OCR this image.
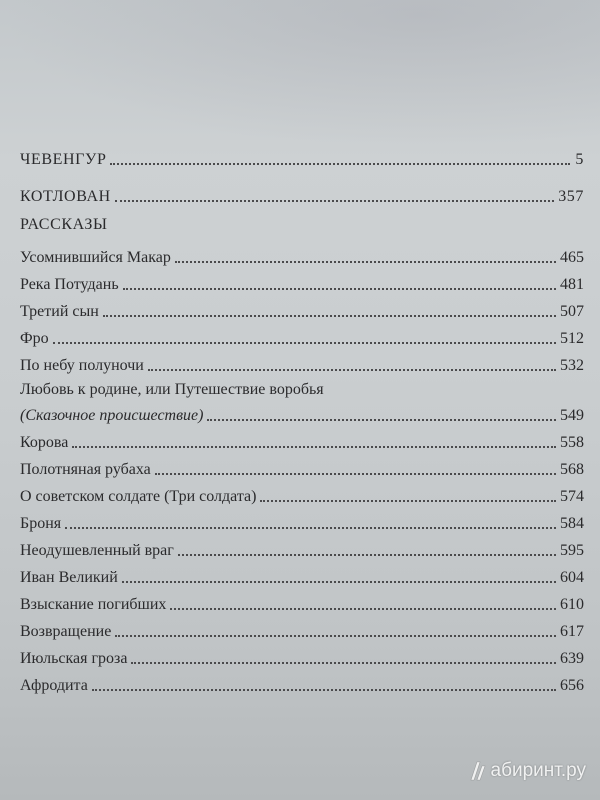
ЧЕВЕНГУР	5
КОТЛОВАН	357
РАССКАЗЫ
Усомнившийся Макар	465
Река Потудань	481
Третий сын	507
Фро	512
По небу полуночи	532
Любовь к родине, или Путешествие воробья
(Сказочное происшествие)	549
Корова	558
Полотняная рубаха	568
О советском солдате (Три солдата)	574
Броня	584
Неодушевленный враг	595
Иван Великий	604
Взыскание погибших	610
Возвращение	617
Июльская гроза	639
Афродита	656
абиринт.ру
